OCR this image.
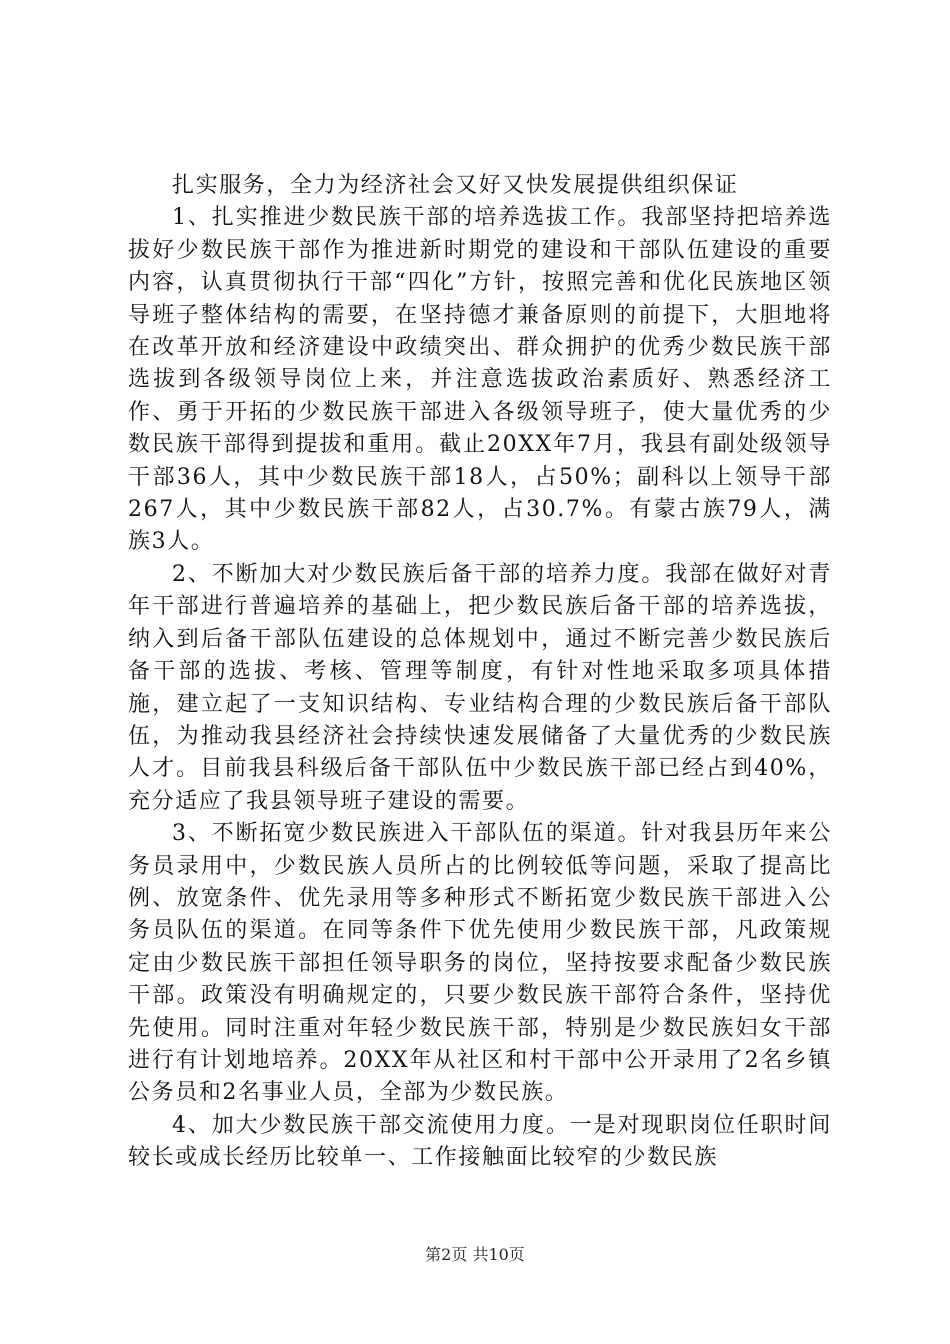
扎实服务，全力为经济社会又好又快发展提供组织保证

1、扎实推进少数民族干部的培养选拔工作。我部坚持把培养选拔好少数民族干部作为推进新时期党的建设和干部队伍建设的重要内容，认真贯彻执行干部“四化”方针，按照完善和优化民族地区领导班子整体结构的需要，在坚持德才兼备原则的前提下，大胆地将在改革开放和经济建设中政绩突出、群众拥护的优秀少数民族干部选拔到各级领导岗位上来，并注意选拔政治素质好、熟悉经济工作、勇于开拓的少数民族干部进入各级领导班子，使大量优秀的少数民族干部得到提拔和重用。截止20XX年7月，我县有副处级领导干部36人，其中少数民族干部18人，占50%；副科以上领导干部267人，其中少数民族干部82人，占30.7%。有蒙古族79人，满族3人。

2、不断加大对少数民族后备干部的培养力度。我部在做好对青年干部进行普遍培养的基础上，把少数民族后备干部的培养选拔，纳入到后备干部队伍建设的总体规划中，通过不断完善少数民族后备干部的选拔、考核、管理等制度，有针对性地采取多项具体措施，建立起了一支知识结构、专业结构合理的少数民族后备干部队伍，为推动我县经济社会持续快速发展储备了大量优秀的少数民族人才。目前我县科级后备干部队伍中少数民族干部已经占到40%，充分适应了我县领导班子建设的需要。

3、不断拓宽少数民族进入干部队伍的渠道。针对我县历年来公务员录用中，少数民族人员所占的比例较低等问题，采取了提高比例、放宽条件、优先录用等多种形式不断拓宽少数民族干部进入公务员队伍的渠道。在同等条件下优先使用少数民族干部，凡政策规定由少数民族干部担任领导职务的岗位，坚持按要求配备少数民族干部。政策没有明确规定的，只要少数民族干部符合条件，坚持优先使用。同时注重对年轻少数民族干部，特别是少数民族妇女干部进行有计划地培养。20XX年从社区和村干部中公开录用了2名乡镇公务员和2名事业人员，全部为少数民族。

4、加大少数民族干部交流使用力度。一是对现职岗位任职时间较长或成长经历比较单一、工作接触面比较窄的少数民族

第2页 共10页
